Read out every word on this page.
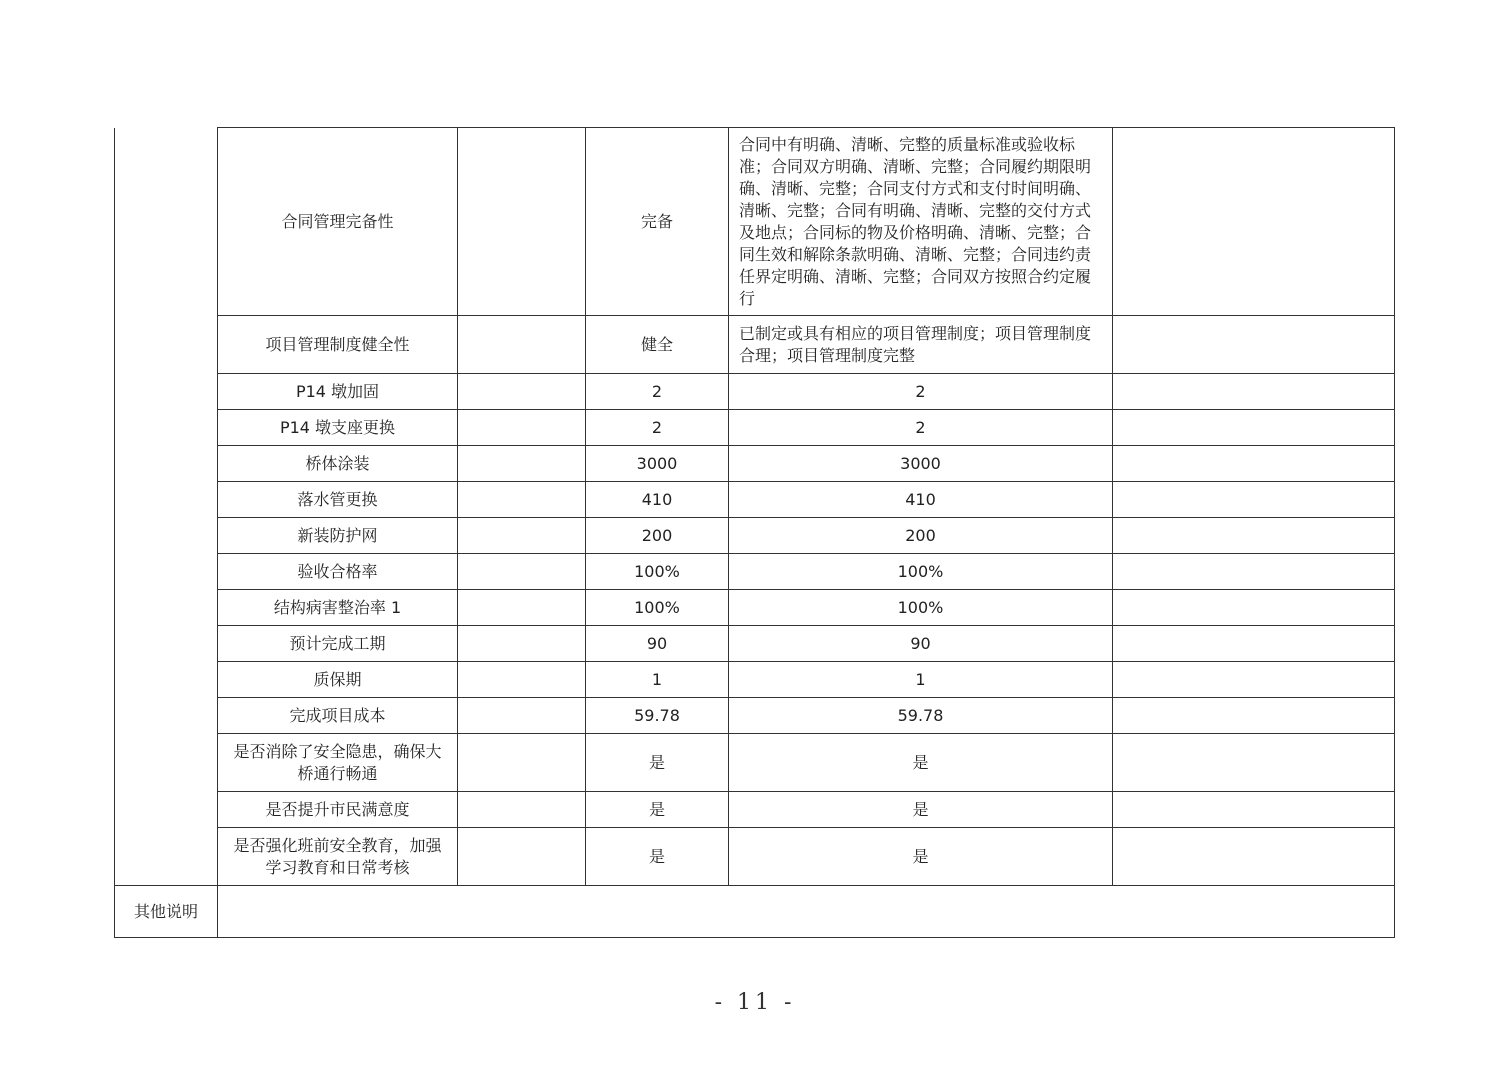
	合同管理完备性		完备	合同中有明确、清晰、完整的质量标准或验收标准；合同双方明确、清晰、完整；合同履约期限明确、清晰、完整；合同支付方式和支付时间明确、清晰、完整；合同有明确、清晰、完整的交付方式及地点；合同标的物及价格明确、清晰、完整；合同生效和解除条款明确、清晰、完整；合同违约责任界定明确、清晰、完整；合同双方按照合约定履行	
	项目管理制度健全性		健全	已制定或具有相应的项目管理制度；项目管理制度合理；项目管理制度完整	
	P14 墩加固		2	2	
	P14 墩支座更换		2	2	
	桥体涂装		3000	3000	
	落水管更换		410	410	
	新装防护网		200	200	
	验收合格率		100%	100%	
	结构病害整治率 1		100%	100%	
	预计完成工期		90	90	
	质保期		1	1	
	完成项目成本		59.78	59.78	
	是否消除了安全隐患，确保大桥通行畅通		是	是	
	是否提升市民满意度		是	是	
	是否强化班前安全教育，加强学习教育和日常考核		是	是	
其他说明					
- 11 -
